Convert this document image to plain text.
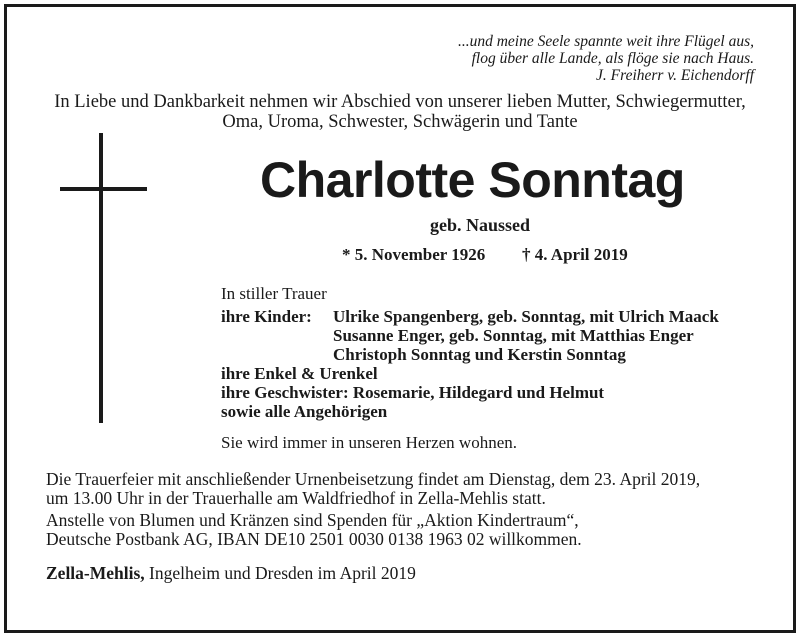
...und meine Seele spannte weit ihre Flügel aus,
flog über alle Lande, als flöge sie nach Haus.
J. Freiherr v. Eichendorff
In Liebe und Dankbarkeit nehmen wir Abschied von unserer lieben Mutter, Schwiegermutter,
Oma, Uroma, Schwester, Schwägerin und Tante
Charlotte Sonntag
geb. Naussed
* 5. November 1926 † 4. April 2019
In stiller Trauer
ihre Kinder: Ulrike Spangenberg, geb. Sonntag, mit Ulrich Maack
Susanne Enger, geb. Sonntag, mit Matthias Enger
Christoph Sonntag und Kerstin Sonntag
ihre Enkel & Urenkel
ihre Geschwister: Rosemarie, Hildegard und Helmut
sowie alle Angehörigen
Sie wird immer in unseren Herzen wohnen.
Die Trauerfeier mit anschließender Urnenbeisetzung findet am Dienstag, dem 23. April 2019,
um 13.00 Uhr in der Trauerhalle am Waldfriedhof in Zella-Mehlis statt.
Anstelle von Blumen und Kränzen sind Spenden für „Aktion Kindertraum“,
Deutsche Postbank AG, IBAN DE10 2501 0030 0138 1963 02 willkommen.
Zella-Mehlis, Ingelheim und Dresden im April 2019
